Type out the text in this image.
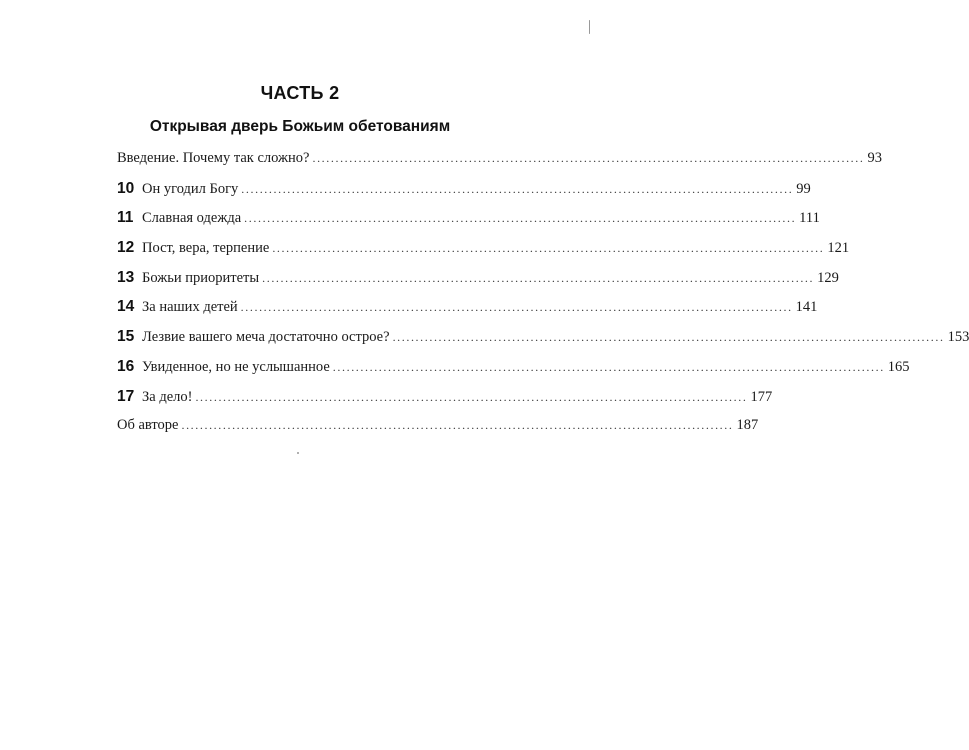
ЧАСТЬ 2
Открывая дверь Божьим обетованиям
Введение. Почему так сложно? ........................................................................................................................ 93
10 Он угодил Богу ........................................................................................................................ 99
11 Славная одежда ........................................................................................................................ 111
12 Пост, вера, терпение ........................................................................................................................ 121
13 Божьи приоритеты ........................................................................................................................ 129
14 За наших детей ........................................................................................................................ 141
15 Лезвие вашего меча достаточно острое? ........................................................................................................................ 153
16 Увиденное, но не услышанное ........................................................................................................................ 165
17 За дело! ........................................................................................................................ 177
Об авторе ........................................................................................................................ 187
